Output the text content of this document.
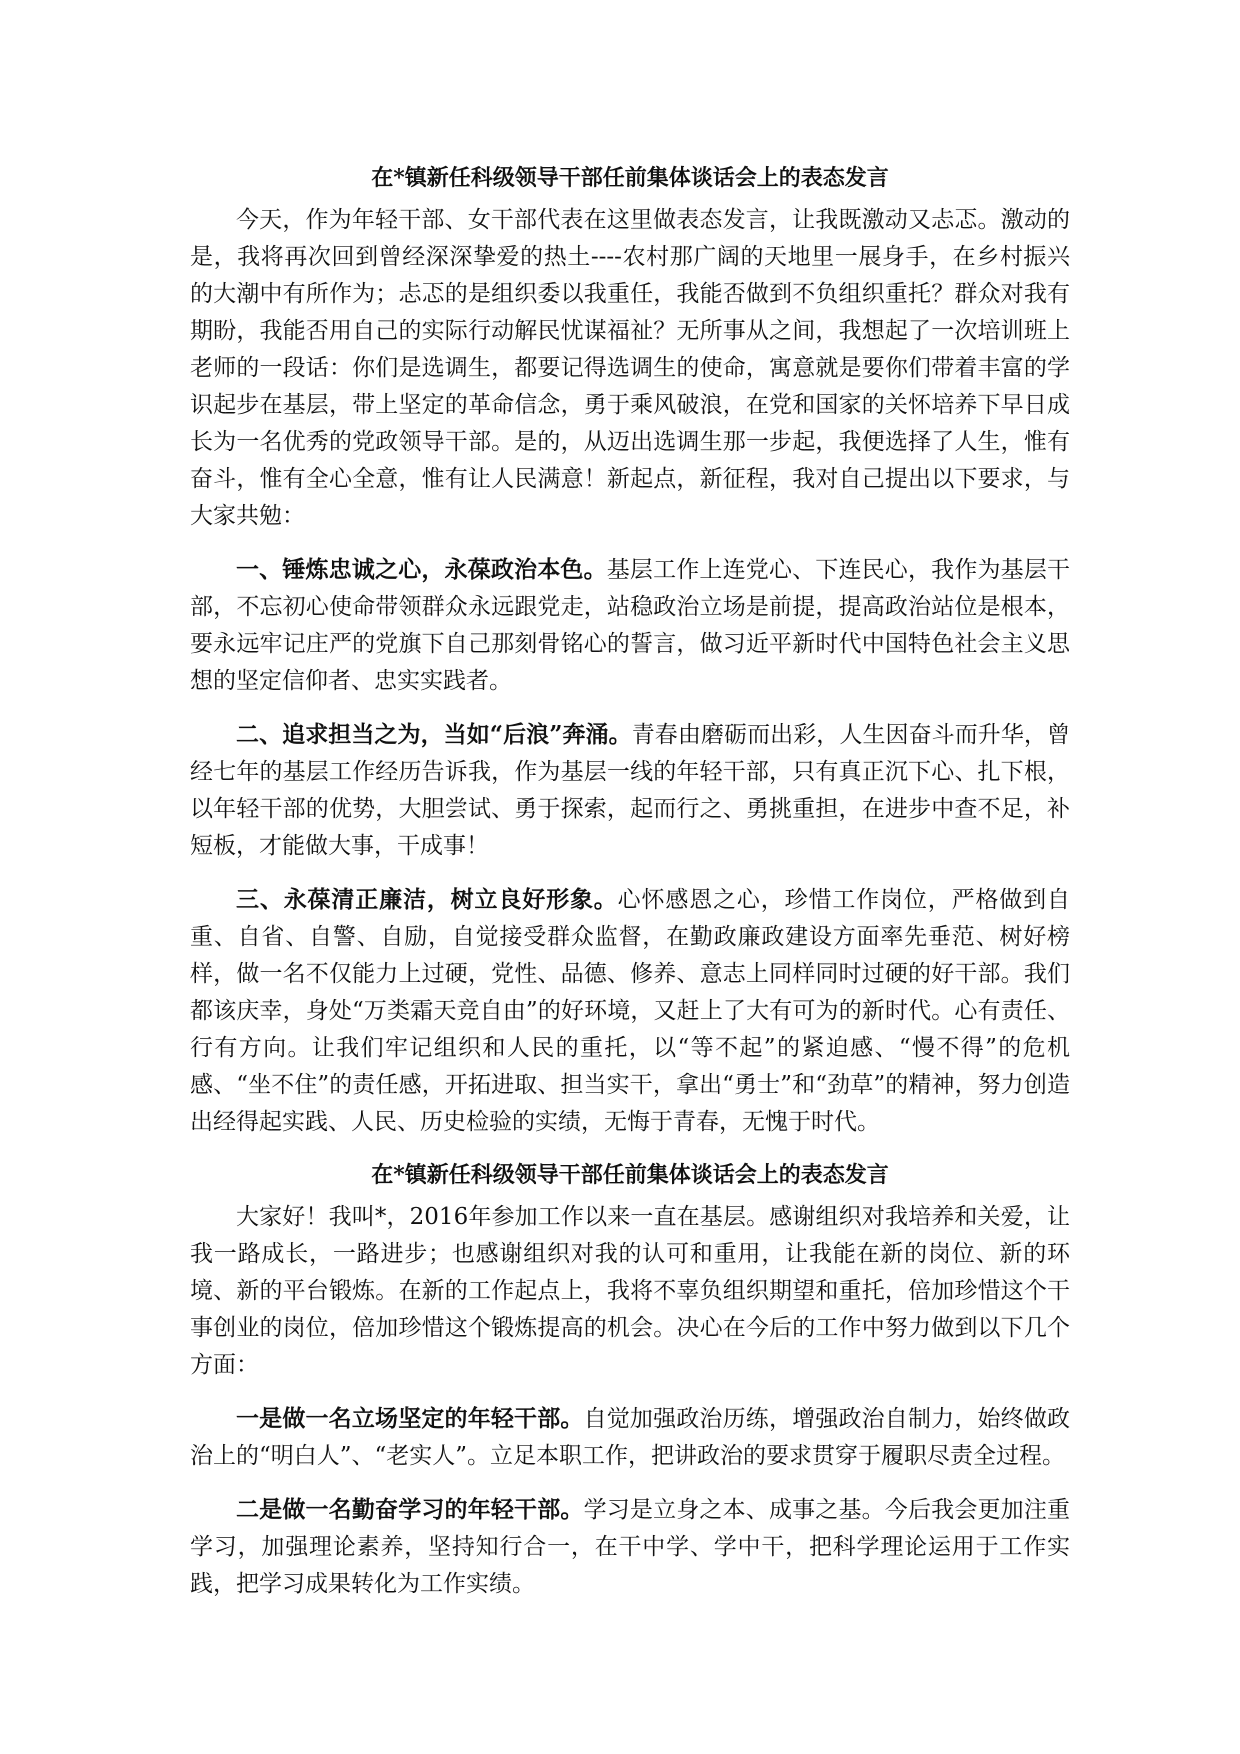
在*镇新任科级领导干部任前集体谈话会上的表态发言

今天，作为年轻干部、女干部代表在这里做表态发言，让我既激动又忐忑。激动的是，我将再次回到曾经深深挚爱的热土----农村那广阔的天地里一展身手，在乡村振兴的大潮中有所作为；忐忑的是组织委以我重任，我能否做到不负组织重托？群众对我有期盼，我能否用自己的实际行动解民忧谋福祉？无所事从之间，我想起了一次培训班上老师的一段话：你们是选调生，都要记得选调生的使命，寓意就是要你们带着丰富的学识起步在基层，带上坚定的革命信念，勇于乘风破浪，在党和国家的关怀培养下早日成长为一名优秀的党政领导干部。是的，从迈出选调生那一步起，我便选择了人生，惟有奋斗，惟有全心全意，惟有让人民满意！新起点，新征程，我对自己提出以下要求，与大家共勉：

一、锤炼忠诚之心，永葆政治本色。基层工作上连党心、下连民心，我作为基层干部，不忘初心使命带领群众永远跟党走，站稳政治立场是前提，提高政治站位是根本，要永远牢记庄严的党旗下自己那刻骨铭心的誓言，做习近平新时代中国特色社会主义思想的坚定信仰者、忠实实践者。

二、追求担当之为，当如“后浪”奔涌。青春由磨砺而出彩，人生因奋斗而升华，曾经七年的基层工作经历告诉我，作为基层一线的年轻干部，只有真正沉下心、扎下根，以年轻干部的优势，大胆尝试、勇于探索，起而行之、勇挑重担，在进步中查不足，补短板，才能做大事，干成事！

三、永葆清正廉洁，树立良好形象。心怀感恩之心，珍惜工作岗位，严格做到自重、自省、自警、自励，自觉接受群众监督，在勤政廉政建设方面率先垂范、树好榜样，做一名不仅能力上过硬，党性、品德、修养、意志上同样同时过硬的好干部。我们都该庆幸，身处“万类霜天竞自由”的好环境，又赶上了大有可为的新时代。心有责任、行有方向。让我们牢记组织和人民的重托，以“等不起”的紧迫感、“慢不得”的危机感、“坐不住”的责任感，开拓进取、担当实干，拿出“勇士”和“劲草”的精神，努力创造出经得起实践、人民、历史检验的实绩，无悔于青春，无愧于时代。

在*镇新任科级领导干部任前集体谈话会上的表态发言

大家好！我叫*，2016年参加工作以来一直在基层。感谢组织对我培养和关爱，让我一路成长，一路进步；也感谢组织对我的认可和重用，让我能在新的岗位、新的环境、新的平台锻炼。在新的工作起点上，我将不辜负组织期望和重托，倍加珍惜这个干事创业的岗位，倍加珍惜这个锻炼提高的机会。决心在今后的工作中努力做到以下几个方面：

一是做一名立场坚定的年轻干部。自觉加强政治历练，增强政治自制力，始终做政治上的“明白人”、“老实人”。立足本职工作，把讲政治的要求贯穿于履职尽责全过程。

二是做一名勤奋学习的年轻干部。学习是立身之本、成事之基。今后我会更加注重学习，加强理论素养，坚持知行合一，在干中学、学中干，把科学理论运用于工作实践，把学习成果转化为工作实绩。
